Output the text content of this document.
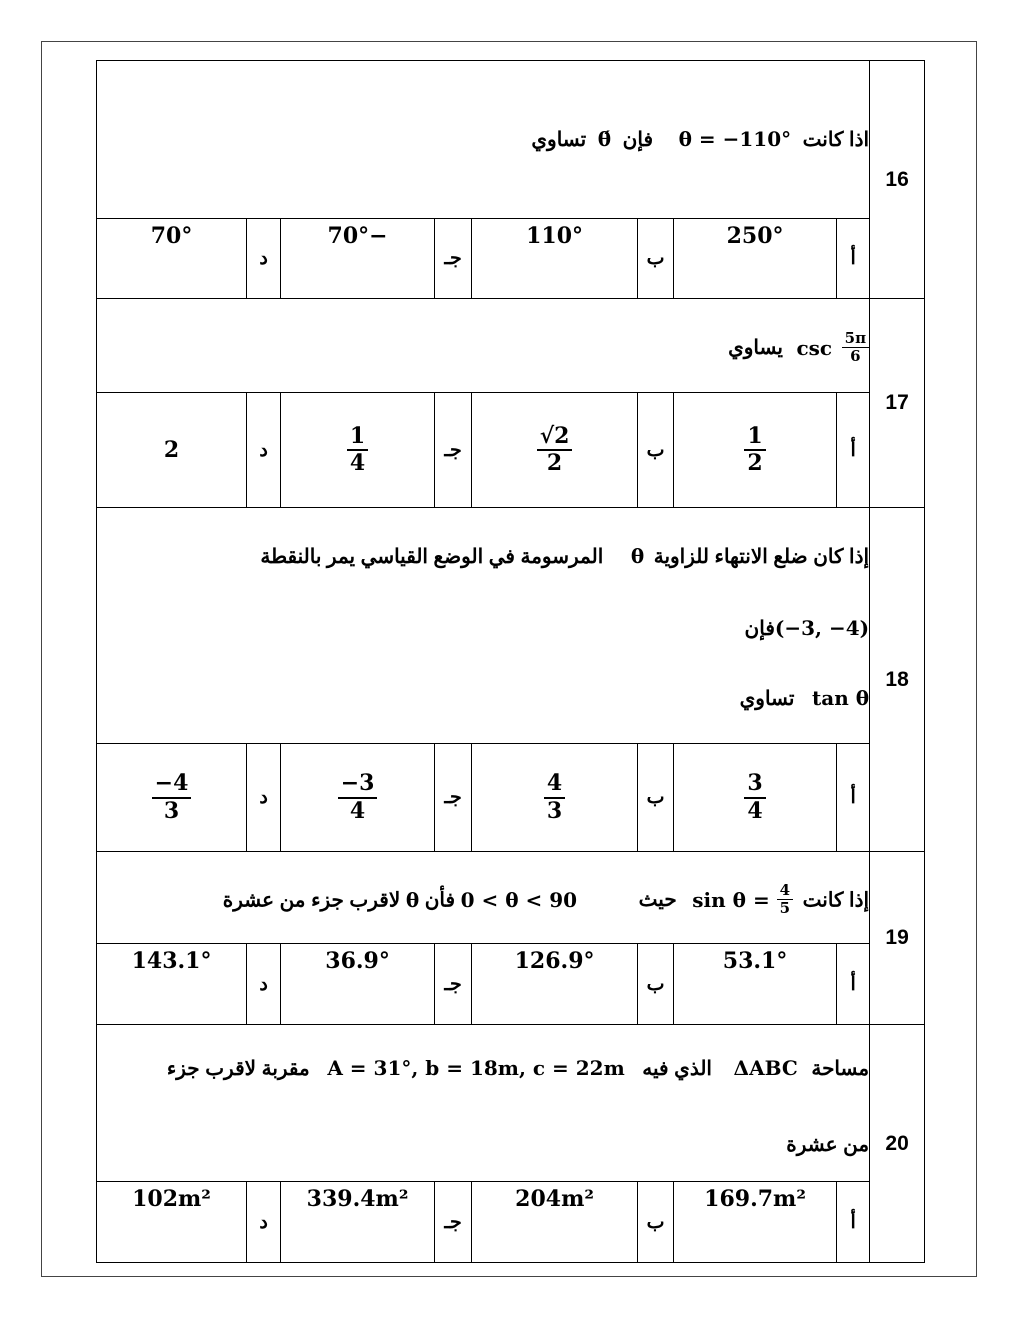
16	اذا كانت θ = −110° فإن θ́ تساوي							
	أ	250°	ب	110°	جـ	−70°	د	70°
17	$\frac{5\pi}{6}$
csc يساوي							
	أ	$\frac{1}{2}$	ب	$\frac{√2}{2}$	جـ	$\frac{1}{4}$	د	2
18	إذا كان ضلع الانتهاء للزاوية θ المرسومة في الوضع القياسي يمر بالنقطة
(−3, −4)فإن
tan θ تساوي							

	أ	$\frac{3}{4}$	ب	$\frac{4}{3}$	جـ	$\frac{-3}{4}$	د	$\frac{-4}{3}$

19	إذا كانت $\sin \theta = \frac{4}{5}$
حيث 0 < θ < 90 فأن θ لاقرب جزء من عشرة							
	أ	53.1°	ب	126.9°	جـ	36.9°	د	143.1°
20	مساحة ΔABC الذي فيه A = 31°, b = 18m, c = 22m مقربة لاقرب جزء
من عشرة							

	أ	169.7m²	ب	204m²	جـ	339.4m²	د	102m²
